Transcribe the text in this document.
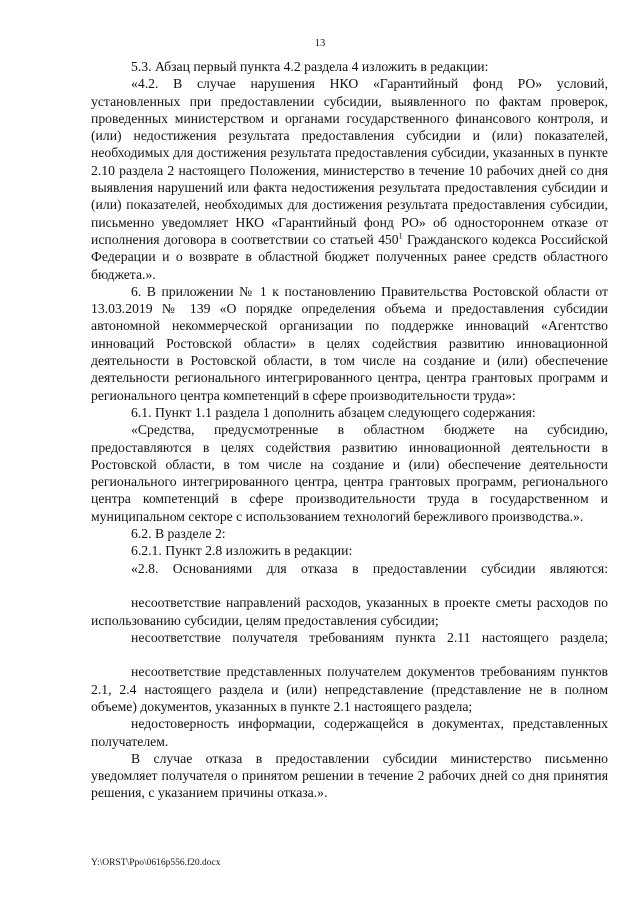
13

5.3. Абзац первый пункта 4.2 раздела 4 изложить в редакции:

«4.2. В случае нарушения НКО «Гарантийный фонд РО» условий, установленных при предоставлении субсидии, выявленного по фактам проверок, проведенных министерством и органами государственного финансового контроля, и (или) недостижения результата предоставления субсидии и (или) показателей, необходимых для достижения результата предоставления субсидии, указанных в пункте 2.10 раздела 2 настоящего Положения, министерство в течение 10 рабочих дней со дня выявления нарушений или факта недостижения результата предоставления субсидии и (или) показателей, необходимых для достижения результата предоставления субсидии, письменно уведомляет НКО «Гарантийный фонд РО» об одностороннем отказе от исполнения договора в соответствии со статьей $450^1$ Гражданского кодекса Российской Федерации и о возврате в областной бюджет полученных ранее средств областного бюджета.».

6. В приложении № 1 к постановлению Правительства Ростовской области от 13.03.2019 № 139 «О порядке определения объема и предоставления субсидии автономной некоммерческой организации по поддержке инноваций «Агентство инноваций Ростовской области» в целях содействия развитию инновационной деятельности в Ростовской области, в том числе на создание и (или) обеспечение деятельности регионального интегрированного центра, центра грантовых программ и регионального центра компетенций в сфере производительности труда»:

6.1. Пункт 1.1 раздела 1 дополнить абзацем следующего содержания:

«Средства, предусмотренные в областном бюджете на субсидию, предоставляются в целях содействия развитию инновационной деятельности в Ростовской области, в том числе на создание и (или) обеспечение деятельности регионального интегрированного центра, центра грантовых программ, регионального центра компетенций в сфере производительности труда в государственном и муниципальном секторе с использованием технологий бережливого производства.».

6.2. В разделе 2:

6.2.1. Пункт 2.8 изложить в редакции:

«2.8. Основаниями для отказа в предоставлении субсидии являются:

несоответствие направлений расходов, указанных в проекте сметы расходов по использованию субсидии, целям предоставления субсидии;

несоответствие получателя требованиям пункта 2.11 настоящего раздела;

несоответствие представленных получателем документов требованиям пунктов 2.1, 2.4 настоящего раздела и (или) непредставление (представление не в полном объеме) документов, указанных в пункте 2.1 настоящего раздела;

недостоверность информации, содержащейся в документах, представленных получателем.

В случае отказа в предоставлении субсидии министерство письменно уведомляет получателя о принятом решении в течение 2 рабочих дней со дня принятия решения, с указанием причины отказа.».

Y:\ORST\Ppo\0616p556.f20.docx
